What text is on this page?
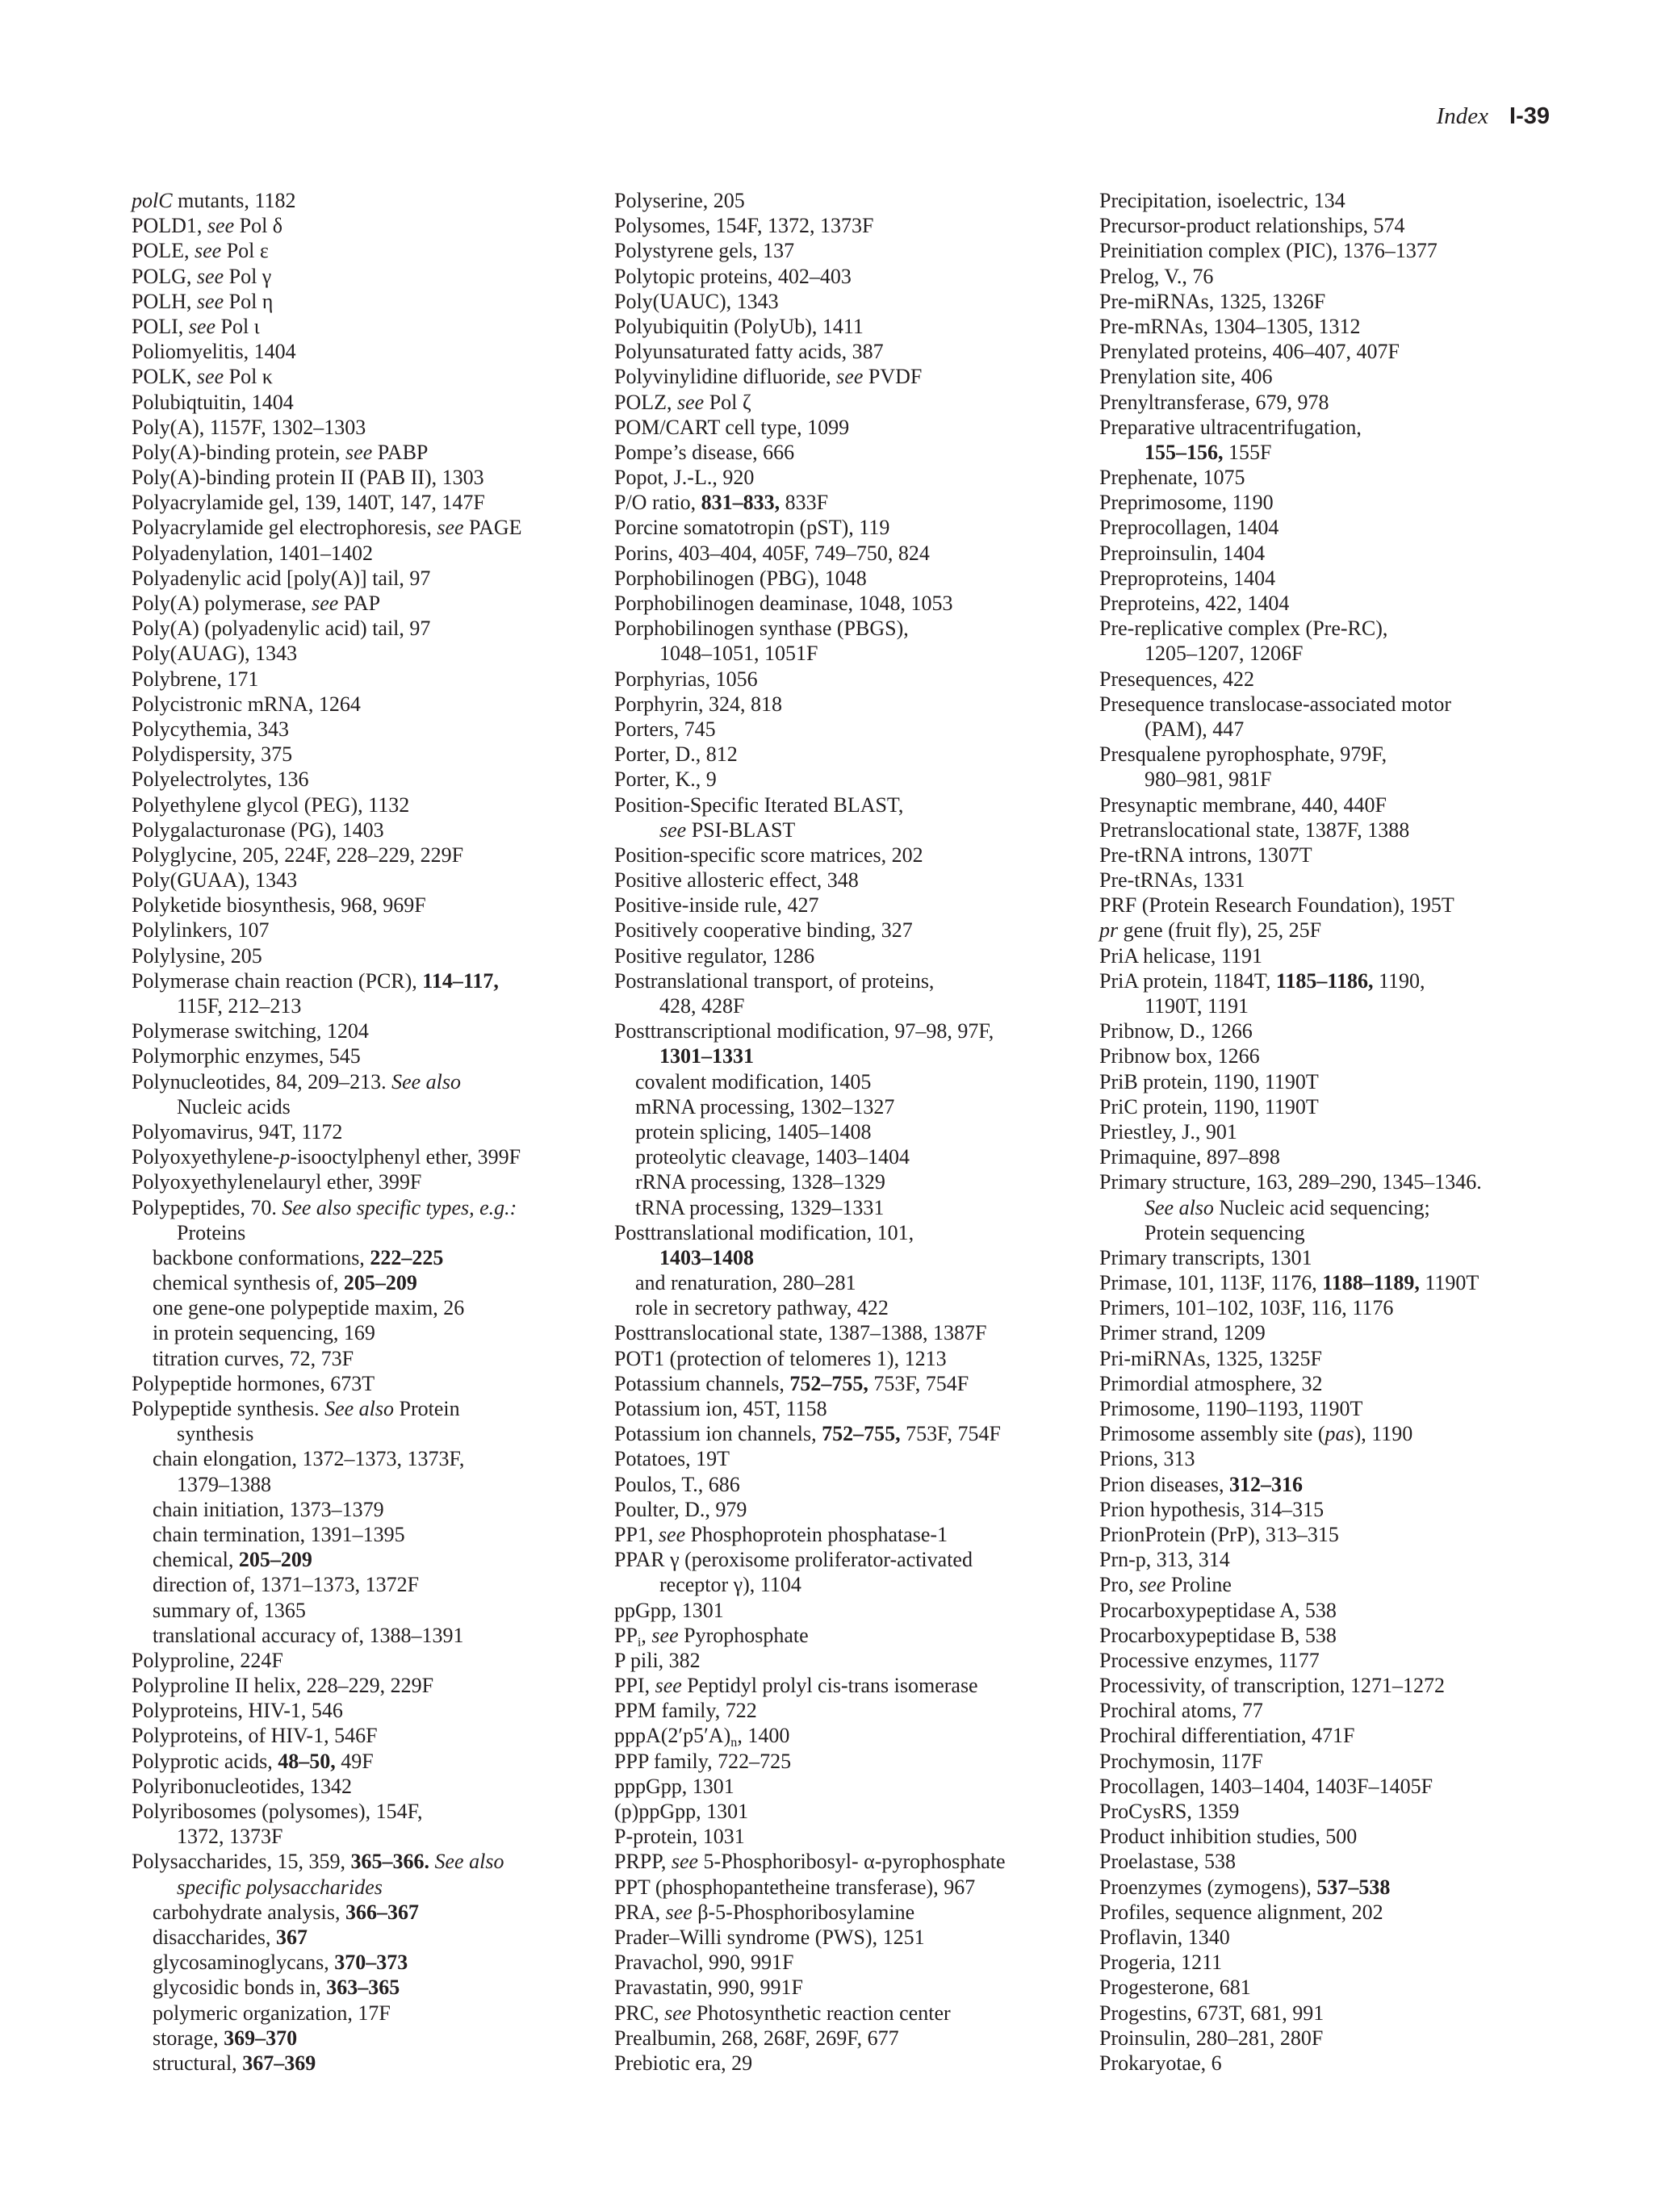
Index I-39
polC mutants, 1182
POLD1, see Pol δ
POLE, see Pol ε
POLG, see Pol γ
POLH, see Pol η
POLI, see Pol ι
Poliomyelitis, 1404
POLK, see Pol κ
Polubiqtuitin, 1404
Poly(A), 1157F, 1302–1303
Poly(A)-binding protein, see PABP
Poly(A)-binding protein II (PAB II), 1303
Polyacrylamide gel, 139, 140T, 147, 147F
Polyacrylamide gel electrophoresis, see PAGE
Polyadenylation, 1401–1402
Polyadenylic acid [poly(A)] tail, 97
Poly(A) polymerase, see PAP
Poly(A) (polyadenylic acid) tail, 97
Poly(AUAG), 1343
Polybrene, 171
Polycistronic mRNA, 1264
Polycythemia, 343
Polydispersity, 375
Polyelectrolytes, 136
Polyethylene glycol (PEG), 1132
Polygalacturonase (PG), 1403
Polyglycine, 205, 224F, 228–229, 229F
Poly(GUAA), 1343
Polyketide biosynthesis, 968, 969F
Polylinkers, 107
Polylysine, 205
Polymerase chain reaction (PCR), 114–117,
115F, 212–213
Polymerase switching, 1204
Polymorphic enzymes, 545
Polynucleotides, 84, 209–213. See also
Nucleic acids
Polyomavirus, 94T, 1172
Polyoxyethylene-p-isooctylphenyl ether, 399F
Polyoxyethylenelauryl ether, 399F
Polypeptides, 70. See also specific types, e.g.:
Proteins
backbone conformations, 222–225
chemical synthesis of, 205–209
one gene-one polypeptide maxim, 26
in protein sequencing, 169
titration curves, 72, 73F
Polypeptide hormones, 673T
Polypeptide synthesis. See also Protein
synthesis
chain elongation, 1372–1373, 1373F,
1379–1388
chain initiation, 1373–1379
chain termination, 1391–1395
chemical, 205–209
direction of, 1371–1373, 1372F
summary of, 1365
translational accuracy of, 1388–1391
Polyproline, 224F
Polyproline II helix, 228–229, 229F
Polyproteins, HIV-1, 546
Polyproteins, of HIV-1, 546F
Polyprotic acids, 48–50, 49F
Polyribonucleotides, 1342
Polyribosomes (polysomes), 154F,
1372, 1373F
Polysaccharides, 15, 359, 365–366. See also
specific polysaccharides
carbohydrate analysis, 366–367
disaccharides, 367
glycosaminoglycans, 370–373
glycosidic bonds in, 363–365
polymeric organization, 17F
storage, 369–370
structural, 367–369
Polyserine, 205
Polysomes, 154F, 1372, 1373F
Polystyrene gels, 137
Polytopic proteins, 402–403
Poly(UAUC), 1343
Polyubiquitin (PolyUb), 1411
Polyunsaturated fatty acids, 387
Polyvinylidine difluoride, see PVDF
POLZ, see Pol ζ
POM/CART cell type, 1099
Pompe’s disease, 666
Popot, J.-L., 920
P/O ratio, 831–833, 833F
Porcine somatotropin (pST), 119
Porins, 403–404, 405F, 749–750, 824
Porphobilinogen (PBG), 1048
Porphobilinogen deaminase, 1048, 1053
Porphobilinogen synthase (PBGS),
1048–1051, 1051F
Porphyrias, 1056
Porphyrin, 324, 818
Porters, 745
Porter, D., 812
Porter, K., 9
Position-Specific Iterated BLAST,
see PSI-BLAST
Position-specific score matrices, 202
Positive allosteric effect, 348
Positive-inside rule, 427
Positively cooperative binding, 327
Positive regulator, 1286
Postranslational transport, of proteins,
428, 428F
Posttranscriptional modification, 97–98, 97F,
1301–1331
covalent modification, 1405
mRNA processing, 1302–1327
protein splicing, 1405–1408
proteolytic cleavage, 1403–1404
rRNA processing, 1328–1329
tRNA processing, 1329–1331
Posttranslational modification, 101,
1403–1408
and renaturation, 280–281
role in secretory pathway, 422
Posttranslocational state, 1387–1388, 1387F
POT1 (protection of telomeres 1), 1213
Potassium channels, 752–755, 753F, 754F
Potassium ion, 45T, 1158
Potassium ion channels, 752–755, 753F, 754F
Potatoes, 19T
Poulos, T., 686
Poulter, D., 979
PP1, see Phosphoprotein phosphatase-1
PPAR γ (peroxisome proliferator-activated
receptor γ), 1104
ppGpp, 1301
$PP_i$, see Pyrophosphate
P pili, 382
PPI, see Peptidyl prolyl cis-trans isomerase
PPM family, 722
$pppA(2'p5'A)_n$, 1400
PPP family, 722–725
pppGpp, 1301
(p)ppGpp, 1301
P-protein, 1031
PRPP, see 5-Phosphoribosyl- α-pyrophosphate
PPT (phosphopantetheine transferase), 967
PRA, see β-5-Phosphoribosylamine
Prader–Willi syndrome (PWS), 1251
Pravachol, 990, 991F
Pravastatin, 990, 991F
PRC, see Photosynthetic reaction center
Prealbumin, 268, 268F, 269F, 677
Prebiotic era, 29
Precipitation, isoelectric, 134
Precursor-product relationships, 574
Preinitiation complex (PIC), 1376–1377
Prelog, V., 76
Pre-miRNAs, 1325, 1326F
Pre-mRNAs, 1304–1305, 1312
Prenylated proteins, 406–407, 407F
Prenylation site, 406
Prenyltransferase, 679, 978
Preparative ultracentrifugation,
155–156, 155F
Prephenate, 1075
Preprimosome, 1190
Preprocollagen, 1404
Preproinsulin, 1404
Preproproteins, 1404
Preproteins, 422, 1404
Pre-replicative complex (Pre-RC),
1205–1207, 1206F
Presequences, 422
Presequence translocase-associated motor
(PAM), 447
Presqualene pyrophosphate, 979F,
980–981, 981F
Presynaptic membrane, 440, 440F
Pretranslocational state, 1387F, 1388
Pre-tRNA introns, 1307T
Pre-tRNAs, 1331
PRF (Protein Research Foundation), 195T
pr gene (fruit fly), 25, 25F
PriA helicase, 1191
PriA protein, 1184T, 1185–1186, 1190,
1190T, 1191
Pribnow, D., 1266
Pribnow box, 1266
PriB protein, 1190, 1190T
PriC protein, 1190, 1190T
Priestley, J., 901
Primaquine, 897–898
Primary structure, 163, 289–290, 1345–1346.
See also Nucleic acid sequencing;
Protein sequencing
Primary transcripts, 1301
Primase, 101, 113F, 1176, 1188–1189, 1190T
Primers, 101–102, 103F, 116, 1176
Primer strand, 1209
Pri-miRNAs, 1325, 1325F
Primordial atmosphere, 32
Primosome, 1190–1193, 1190T
Primosome assembly site (pas), 1190
Prions, 313
Prion diseases, 312–316
Prion hypothesis, 314–315
PrionProtein (PrP), 313–315
Prn-p, 313, 314
Pro, see Proline
Procarboxypeptidase A, 538
Procarboxypeptidase B, 538
Processive enzymes, 1177
Processivity, of transcription, 1271–1272
Prochiral atoms, 77
Prochiral differentiation, 471F
Prochymosin, 117F
Procollagen, 1403–1404, 1403F–1405F
ProCysRS, 1359
Product inhibition studies, 500
Proelastase, 538
Proenzymes (zymogens), 537–538
Profiles, sequence alignment, 202
Proflavin, 1340
Progeria, 1211
Progesterone, 681
Progestins, 673T, 681, 991
Proinsulin, 280–281, 280F
Prokaryotae, 6
